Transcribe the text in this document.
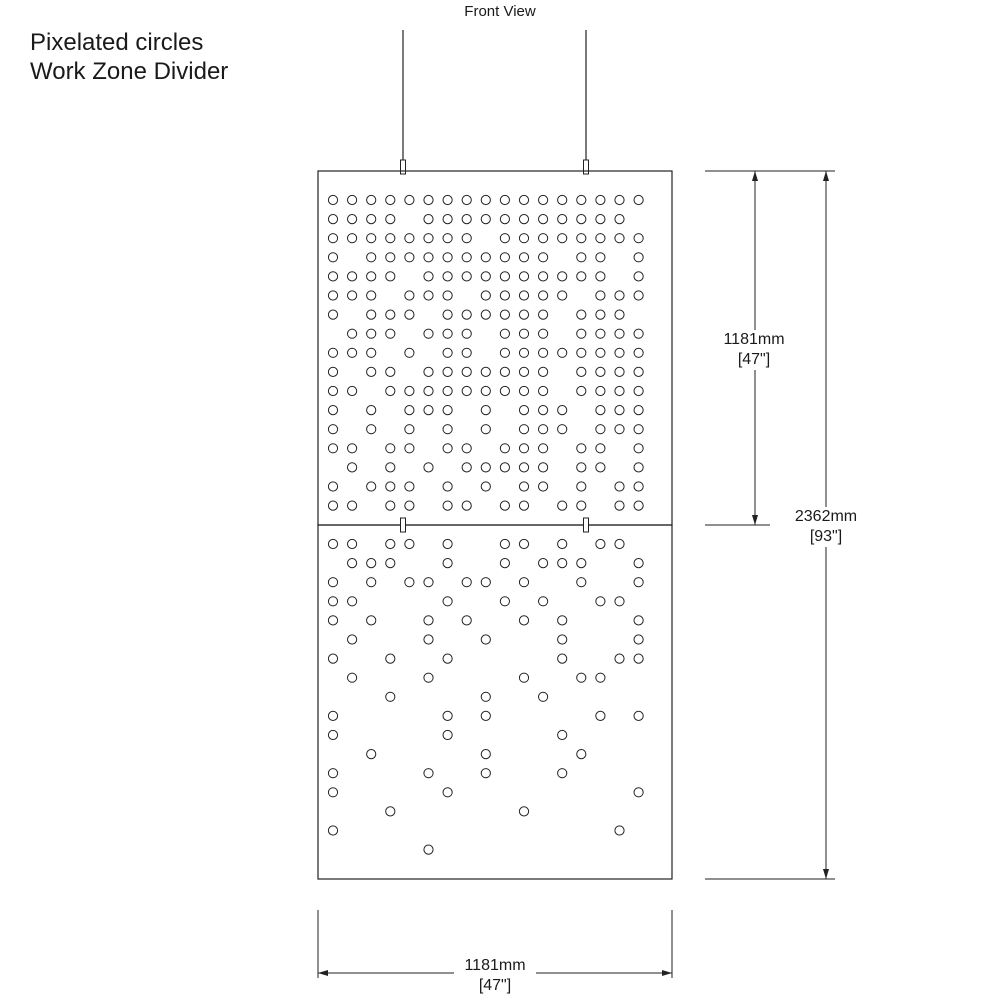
Pixelated circles
Work Zone Divider
Front View
1181mm
[47"]
2362mm
[93"]
1181mm
[47"]
